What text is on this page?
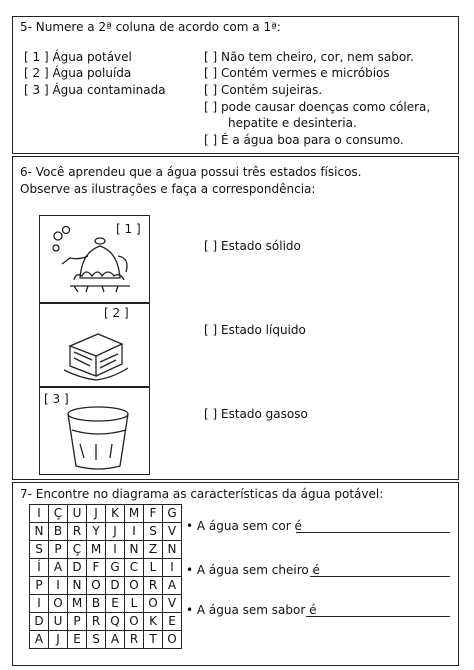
5- Numere a 2ª coluna de acordo com a 1ª:
[ 1 ] Água potável
[ 2 ] Água poluída
[ 3 ] Água contaminada
[ ] Não tem cheiro, cor, nem sabor.
[ ] Contém vermes e micróbios
[ ] Contém sujeiras.
[ ] pode causar doenças como cólera,
hepatite e desinteria.
[ ] É a água boa para o consumo.
6- Você aprendeu que a água possui três estados físicos.
Observe as ilustrações e faça a correspondência:
[ 1 ]
[ 2 ]
[ 3 ]
[ ] Estado sólido
[ ] Estado líquido
[ ] Estado gasoso
7- Encontre no diagrama as características da água potável:
I	Ç	U	J	K	M	F	G
N	B	R	Y	J	I	S	V
S	P	Ç	M	I	N	Z	N
Í	A	D	F	G	C	L	I
P	I	N	O	D	O	R	A
I	O	M	B	E	L	O	V
D	U	P	R	Q	O	K	E
A	J	E	S	A	R	T	O
• A água sem cor é
• A água sem cheiro é
• A água sem sabor é
